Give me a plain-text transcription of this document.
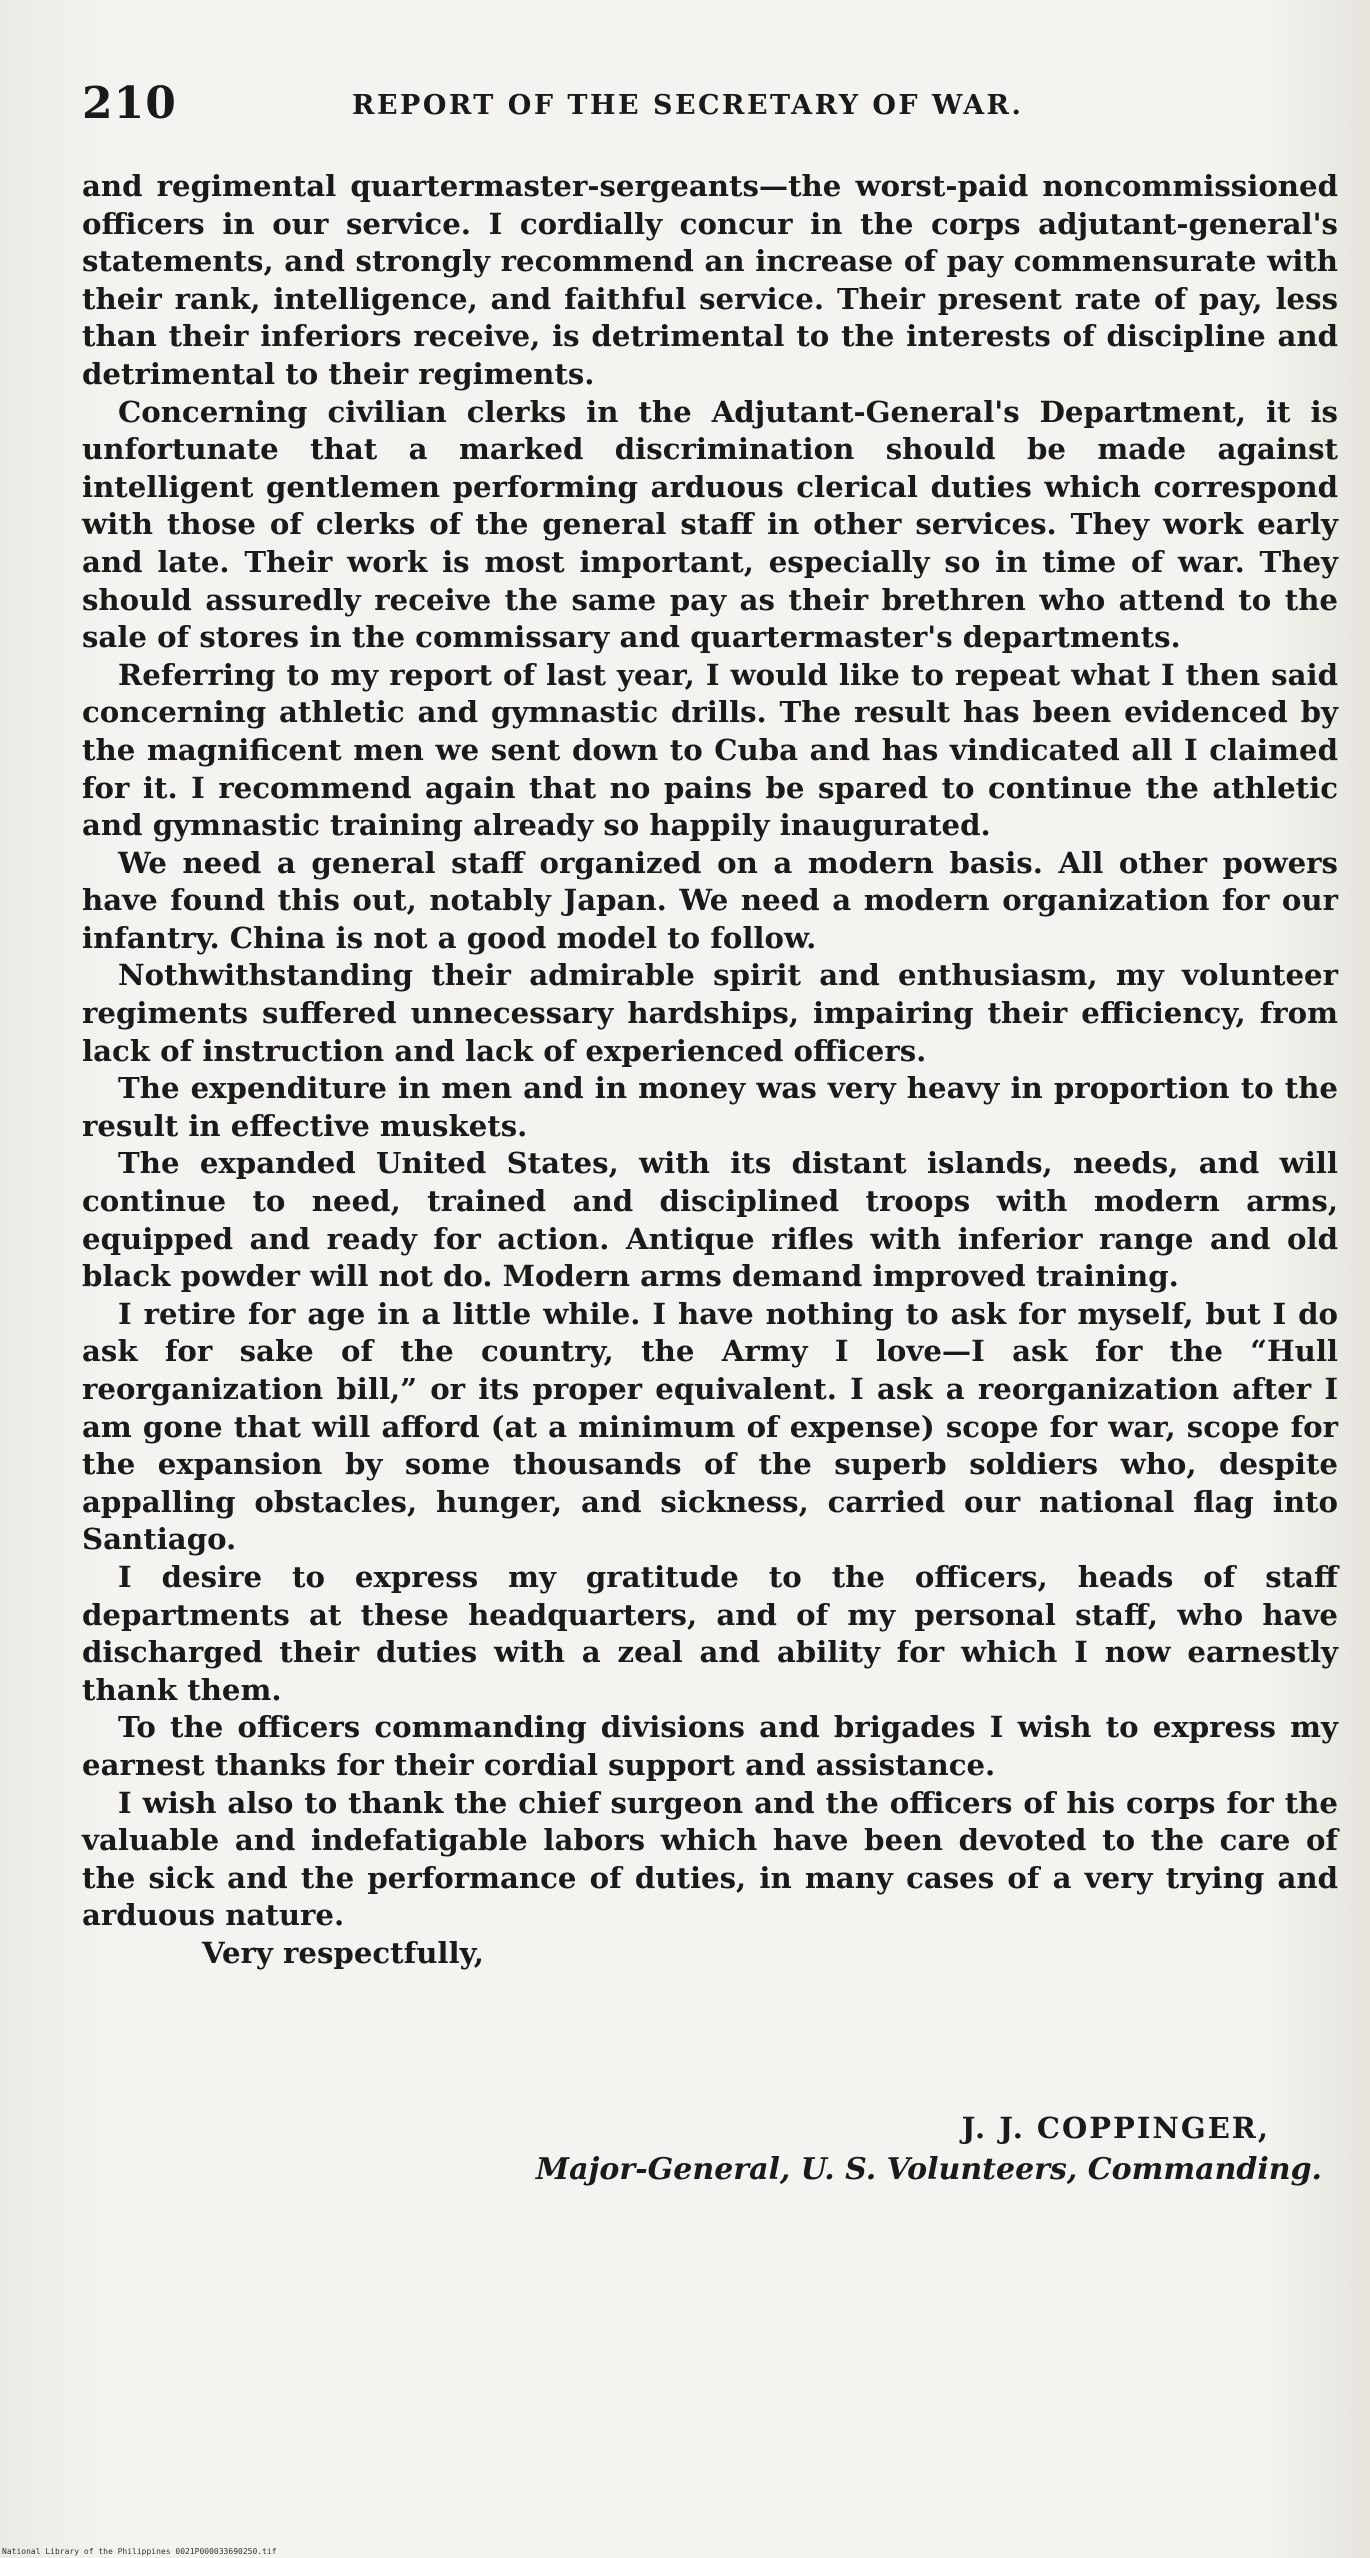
210	REPORT OF THE SECRETARY OF WAR.

and regimental quartermaster-sergeants—the worst-paid noncommissioned officers in our service. I cordially concur in the corps adjutant-general's statements, and strongly recommend an increase of pay commensurate with their rank, intelligence, and faithful service. Their present rate of pay, less than their inferiors receive, is detrimental to the interests of discipline and detrimental to their regiments.

Concerning civilian clerks in the Adjutant-General's Department, it is unfortunate that a marked discrimination should be made against intelligent gentlemen performing arduous clerical duties which correspond with those of clerks of the general staff in other services. They work early and late. Their work is most important, especially so in time of war. They should assuredly receive the same pay as their brethren who attend to the sale of stores in the commissary and quartermaster's departments.

Referring to my report of last year, I would like to repeat what I then said concerning athletic and gymnastic drills. The result has been evidenced by the magnificent men we sent down to Cuba and has vindicated all I claimed for it. I recommend again that no pains be spared to continue the athletic and gymnastic training already so happily inaugurated.

We need a general staff organized on a modern basis. All other powers have found this out, notably Japan. We need a modern organization for our infantry. China is not a good model to follow.

Nothwithstanding their admirable spirit and enthusiasm, my volunteer regiments suffered unnecessary hardships, impairing their efficiency, from lack of instruction and lack of experienced officers.

The expenditure in men and in money was very heavy in proportion to the result in effective muskets.

The expanded United States, with its distant islands, needs, and will continue to need, trained and disciplined troops with modern arms, equipped and ready for action. Antique rifles with inferior range and old black powder will not do. Modern arms demand improved training.

I retire for age in a little while. I have nothing to ask for myself, but I do ask for sake of the country, the Army I love—I ask for the “Hull reorganization bill,” or its proper equivalent. I ask a reorganization after I am gone that will afford (at a minimum of expense) scope for war, scope for the expansion by some thousands of the superb soldiers who, despite appalling obstacles, hunger, and sickness, carried our national flag into Santiago.

I desire to express my gratitude to the officers, heads of staff departments at these headquarters, and of my personal staff, who have discharged their duties with a zeal and ability for which I now earnestly thank them.

To the officers commanding divisions and brigades I wish to express my earnest thanks for their cordial support and assistance.

I wish also to thank the chief surgeon and the officers of his corps for the valuable and indefatigable labors which have been devoted to the care of the sick and the performance of duties, in many cases of a very trying and arduous nature.

Very respectfully,

J. J. COPPINGER,
Major-General, U. S. Volunteers, Commanding.
National Library of the Philippines 0021P000033690250.tif
